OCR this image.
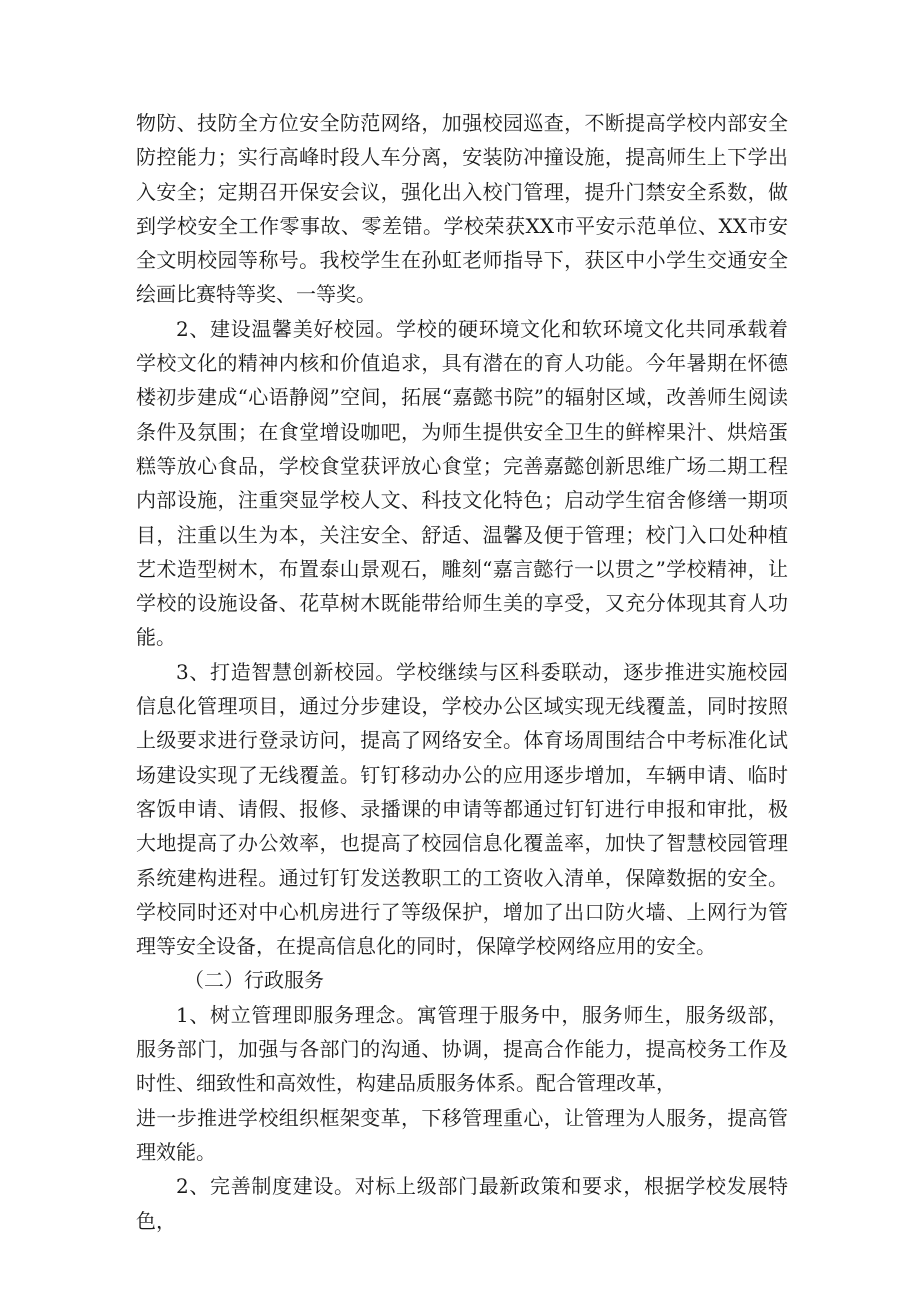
物防、技防全方位安全防范网络，加强校园巡查，不断提高学校内部安全防控能力；实行高峰时段人车分离，安装防冲撞设施，提高师生上下学出入安全；定期召开保安会议，强化出入校门管理，提升门禁安全系数，做到学校安全工作零事故、零差错。学校荣获XX市平安示范单位、XX市安全文明校园等称号。我校学生在孙虹老师指导下，获区中小学生交通安全绘画比赛特等奖、一等奖。

2、建设温馨美好校园。学校的硬环境文化和软环境文化共同承载着学校文化的精神内核和价值追求，具有潜在的育人功能。今年暑期在怀德楼初步建成“心语静阅”空间，拓展“嘉懿书院”的辐射区域，改善师生阅读条件及氛围；在食堂增设咖吧，为师生提供安全卫生的鲜榨果汁、烘焙蛋糕等放心食品，学校食堂获评放心食堂；完善嘉懿创新思维广场二期工程内部设施，注重突显学校人文、科技文化特色；启动学生宿舍修缮一期项目，注重以生为本，关注安全、舒适、温馨及便于管理；校门入口处种植艺术造型树木，布置泰山景观石，雕刻“嘉言懿行一以贯之”学校精神，让学校的设施设备、花草树木既能带给师生美的享受，又充分体现其育人功能。

3、打造智慧创新校园。学校继续与区科委联动，逐步推进实施校园信息化管理项目，通过分步建设，学校办公区域实现无线覆盖，同时按照上级要求进行登录访问，提高了网络安全。体育场周围结合中考标准化试场建设实现了无线覆盖。钉钉移动办公的应用逐步增加，车辆申请、临时客饭申请、请假、报修、录播课的申请等都通过钉钉进行申报和审批，极大地提高了办公效率，也提高了校园信息化覆盖率，加快了智慧校园管理系统建构进程。通过钉钉发送教职工的工资收入清单，保障数据的安全。学校同时还对中心机房进行了等级保护，增加了出口防火墙、上网行为管理等安全设备，在提高信息化的同时，保障学校网络应用的安全。

（二）行政服务

1、树立管理即服务理念。寓管理于服务中，服务师生，服务级部，服务部门，加强与各部门的沟通、协调，提高合作能力，提高校务工作及时性、细致性和高效性，构建品质服务体系。配合管理改革，

进一步推进学校组织框架变革，下移管理重心，让管理为人服务，提高管理效能。

2、完善制度建设。对标上级部门最新政策和要求，根据学校发展特色，
